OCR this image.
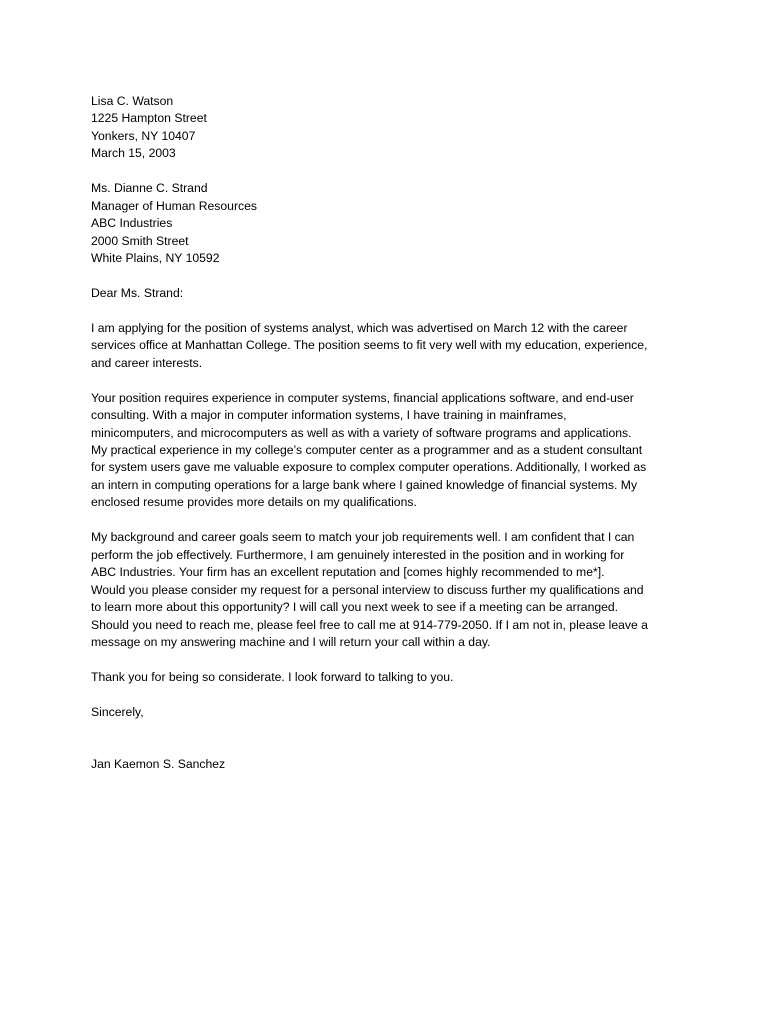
Lisa C. Watson
1225 Hampton Street
Yonkers, NY 10407
March 15, 2003
Ms. Dianne C. Strand
Manager of Human Resources
ABC Industries
2000 Smith Street
White Plains, NY 10592
Dear Ms. Strand:
I am applying for the position of systems analyst, which was advertised on March 12 with the career
services office at Manhattan College. The position seems to fit very well with my education, experience,
and career interests.
Your position requires experience in computer systems, financial applications software, and end-user
consulting. With a major in computer information systems, I have training in mainframes,
minicomputers, and microcomputers as well as with a variety of software programs and applications.
My practical experience in my college’s computer center as a programmer and as a student consultant
for system users gave me valuable exposure to complex computer operations. Additionally, I worked as
an intern in computing operations for a large bank where I gained knowledge of financial systems. My
enclosed resume provides more details on my qualifications.
My background and career goals seem to match your job requirements well. I am confident that I can
perform the job effectively. Furthermore, I am genuinely interested in the position and in working for
ABC Industries. Your firm has an excellent reputation and [comes highly recommended to me*].
Would you please consider my request for a personal interview to discuss further my qualifications and
to learn more about this opportunity? I will call you next week to see if a meeting can be arranged.
Should you need to reach me, please feel free to call me at 914-779-2050. If I am not in, please leave a
message on my answering machine and I will return your call within a day.
Thank you for being so considerate. I look forward to talking to you.
Sincerely,
Jan Kaemon S. Sanchez
